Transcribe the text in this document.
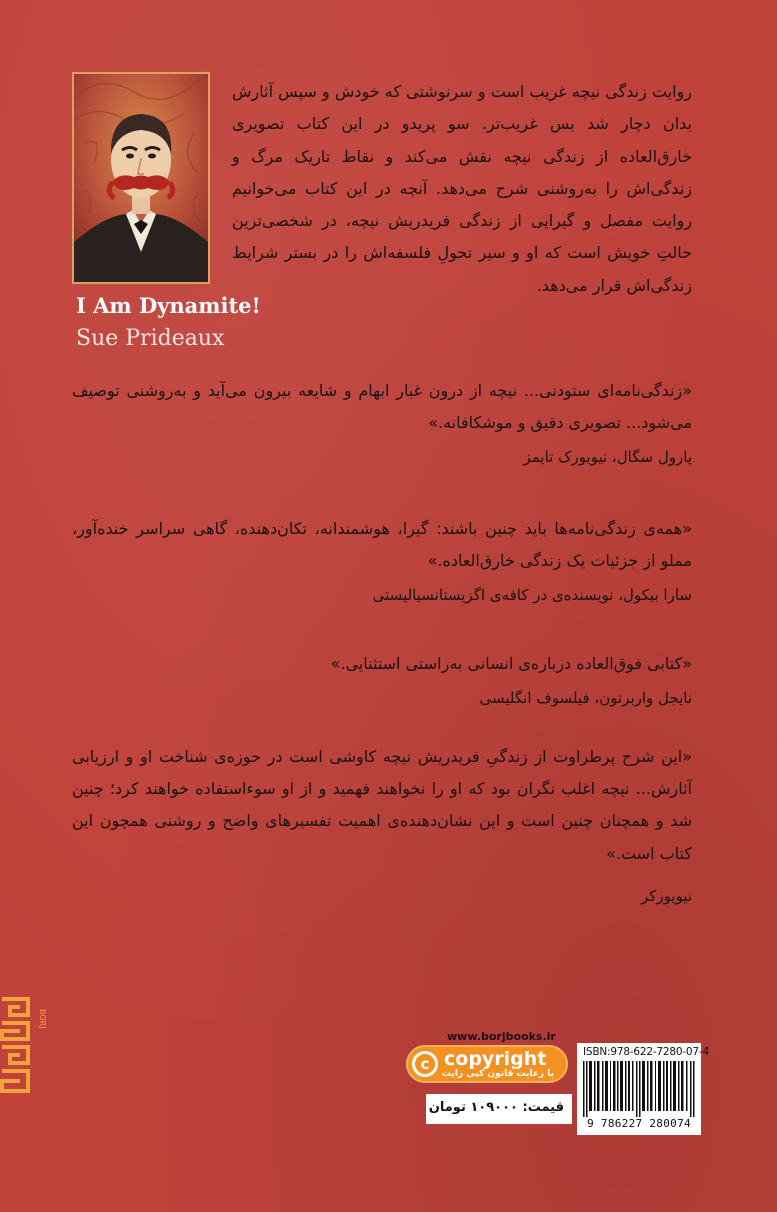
I Am Dynamite!
Sue Prideaux
روایت زندگی نیچه غریب است و سرنوشتی که خودش و سپس آثارش بدان دچار شد بس غریب‌تر. سو پریدو در این کتاب تصویری خارق‌العاده از زندگی نیچه نقش می‌کند و نقاط تاریک مرگ و زندگی‌اش را به‌روشنی شرح می‌دهد. آنچه در این کتاب می‌خوانیم روایت مفصل و گیرایی از زندگی فریدریش نیچه، در شخصی‌ترین حالتِ خویش است که او و سیر تحولِ فلسفه‌اش را در بستر شرایط زندگی‌اش قرار می‌دهد.
«زندگی‌نامه‌ای ستودنی... نیچه از درون غبار ابهام و شایعه بیرون می‌آید و به‌روشنی توصیف می‌شود... تصویری دقیق و موشکافانه.»
پارول سگال، نیویورک تایمز
«همه‌ی زندگی‌نامه‌ها باید چنین باشند: گیرا، هوشمندانه، تکان‌دهنده، گاهی سراسر خنده‌آور، مملو از جزئیات یک زندگی خارق‌العاده.»
سارا بیکول، نویسنده‌ی در کافه‌ی اگزیستانسیالیستی
«کتابی فوق‌العاده درباره‌ی انسانی به‌راستی استثنایی.»
نایجل واربرتون، فیلسوف انگلیسی
«این شرح پرطراوت از زندگیِ فریدریش نیچه کاوشی است در حوزه‌ی شناخت او و ارزیابی آثارش... نیچه اغلب نگران بود که او را نخواهند فهمید و از او سوءاستفاده خواهند کرد؛ چنین شد و همچنان چنین است و این نشان‌دهنده‌ی اهمیت تفسیرهای واضح و روشنی همچون این کتاب است.»
نیویورکر
BORJ
www.borjbooks.ir
c copyright
با رعایت قانون کپی رایت
قیمت: ۱۰۹۰۰۰ تومان
ISBN:978-622-7280-07-4
9 786227 280074
